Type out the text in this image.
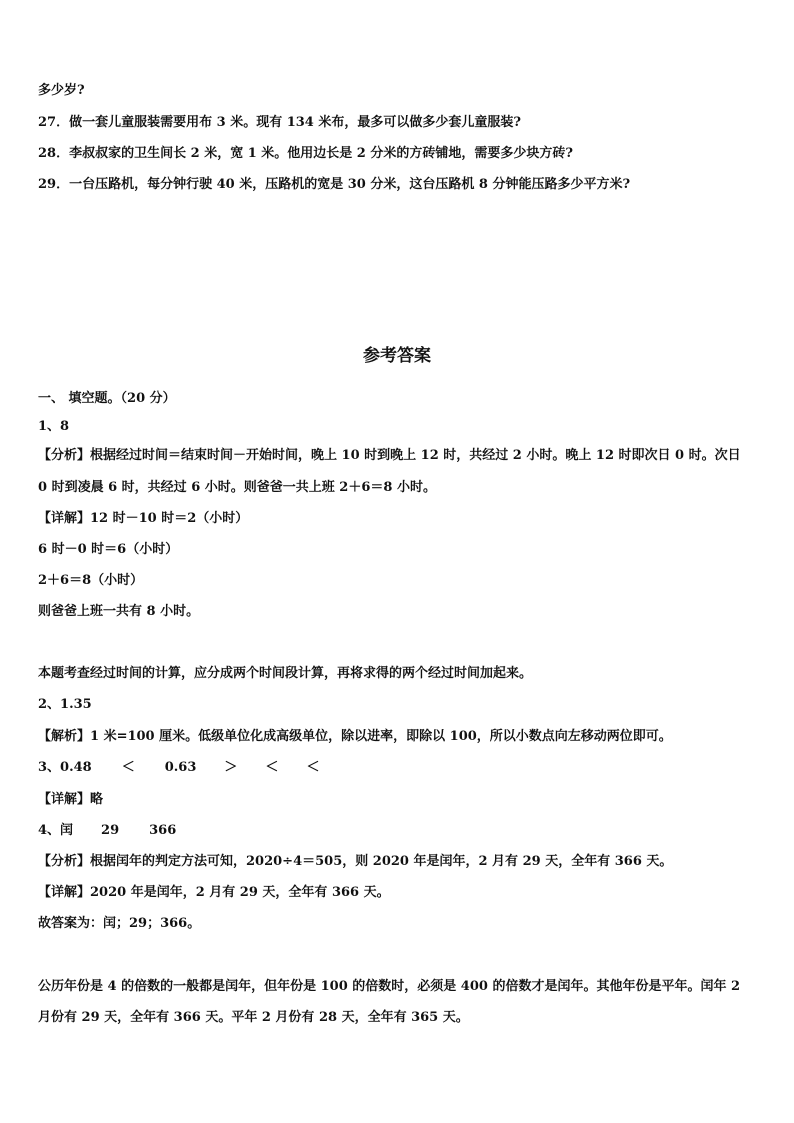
多少岁?
27．做一套儿童服装需要用布 3 米。现有 134 米布，最多可以做多少套儿童服装?
28．李叔叔家的卫生间长 2 米，宽 1 米。他用边长是 2 分米的方砖铺地，需要多少块方砖?
29．一台压路机，每分钟行驶 40 米，压路机的宽是 30 分米，这台压路机 8 分钟能压路多少平方米?
参考答案
一、 填空题。（20 分）
1、8
【分析】根据经过时间＝结束时间－开始时间，晚上 10 时到晚上 12 时，共经过 2 小时。晚上 12 时即次日 0 时。次日
0 时到凌晨 6 时，共经过 6 小时。则爸爸一共上班 2＋6＝8 小时。
【详解】12 时－10 时＝2（小时）
6 时－0 时＝6（小时）
2＋6＝8（小时）
则爸爸上班一共有 8 小时。
本题考查经过时间的计算，应分成两个时间段计算，再将求得的两个经过时间加起来。
2、1.35
【解析】1 米=100 厘米。低级单位化成高级单位，除以进率，即除以 100，所以小数点向左移动两位即可。
3、0.48 ＜ 0.63 ＞ ＜ ＜
【详解】略
4、闰 29 366
【分析】根据闰年的判定方法可知，2020÷4＝505，则 2020 年是闰年，2 月有 29 天，全年有 366 天。
【详解】2020 年是闰年，2 月有 29 天，全年有 366 天。
故答案为：闰；29；366。
公历年份是 4 的倍数的一般都是闰年，但年份是 100 的倍数时，必须是 400 的倍数才是闰年。其他年份是平年。闰年 2
月份有 29 天，全年有 366 天。平年 2 月份有 28 天，全年有 365 天。
